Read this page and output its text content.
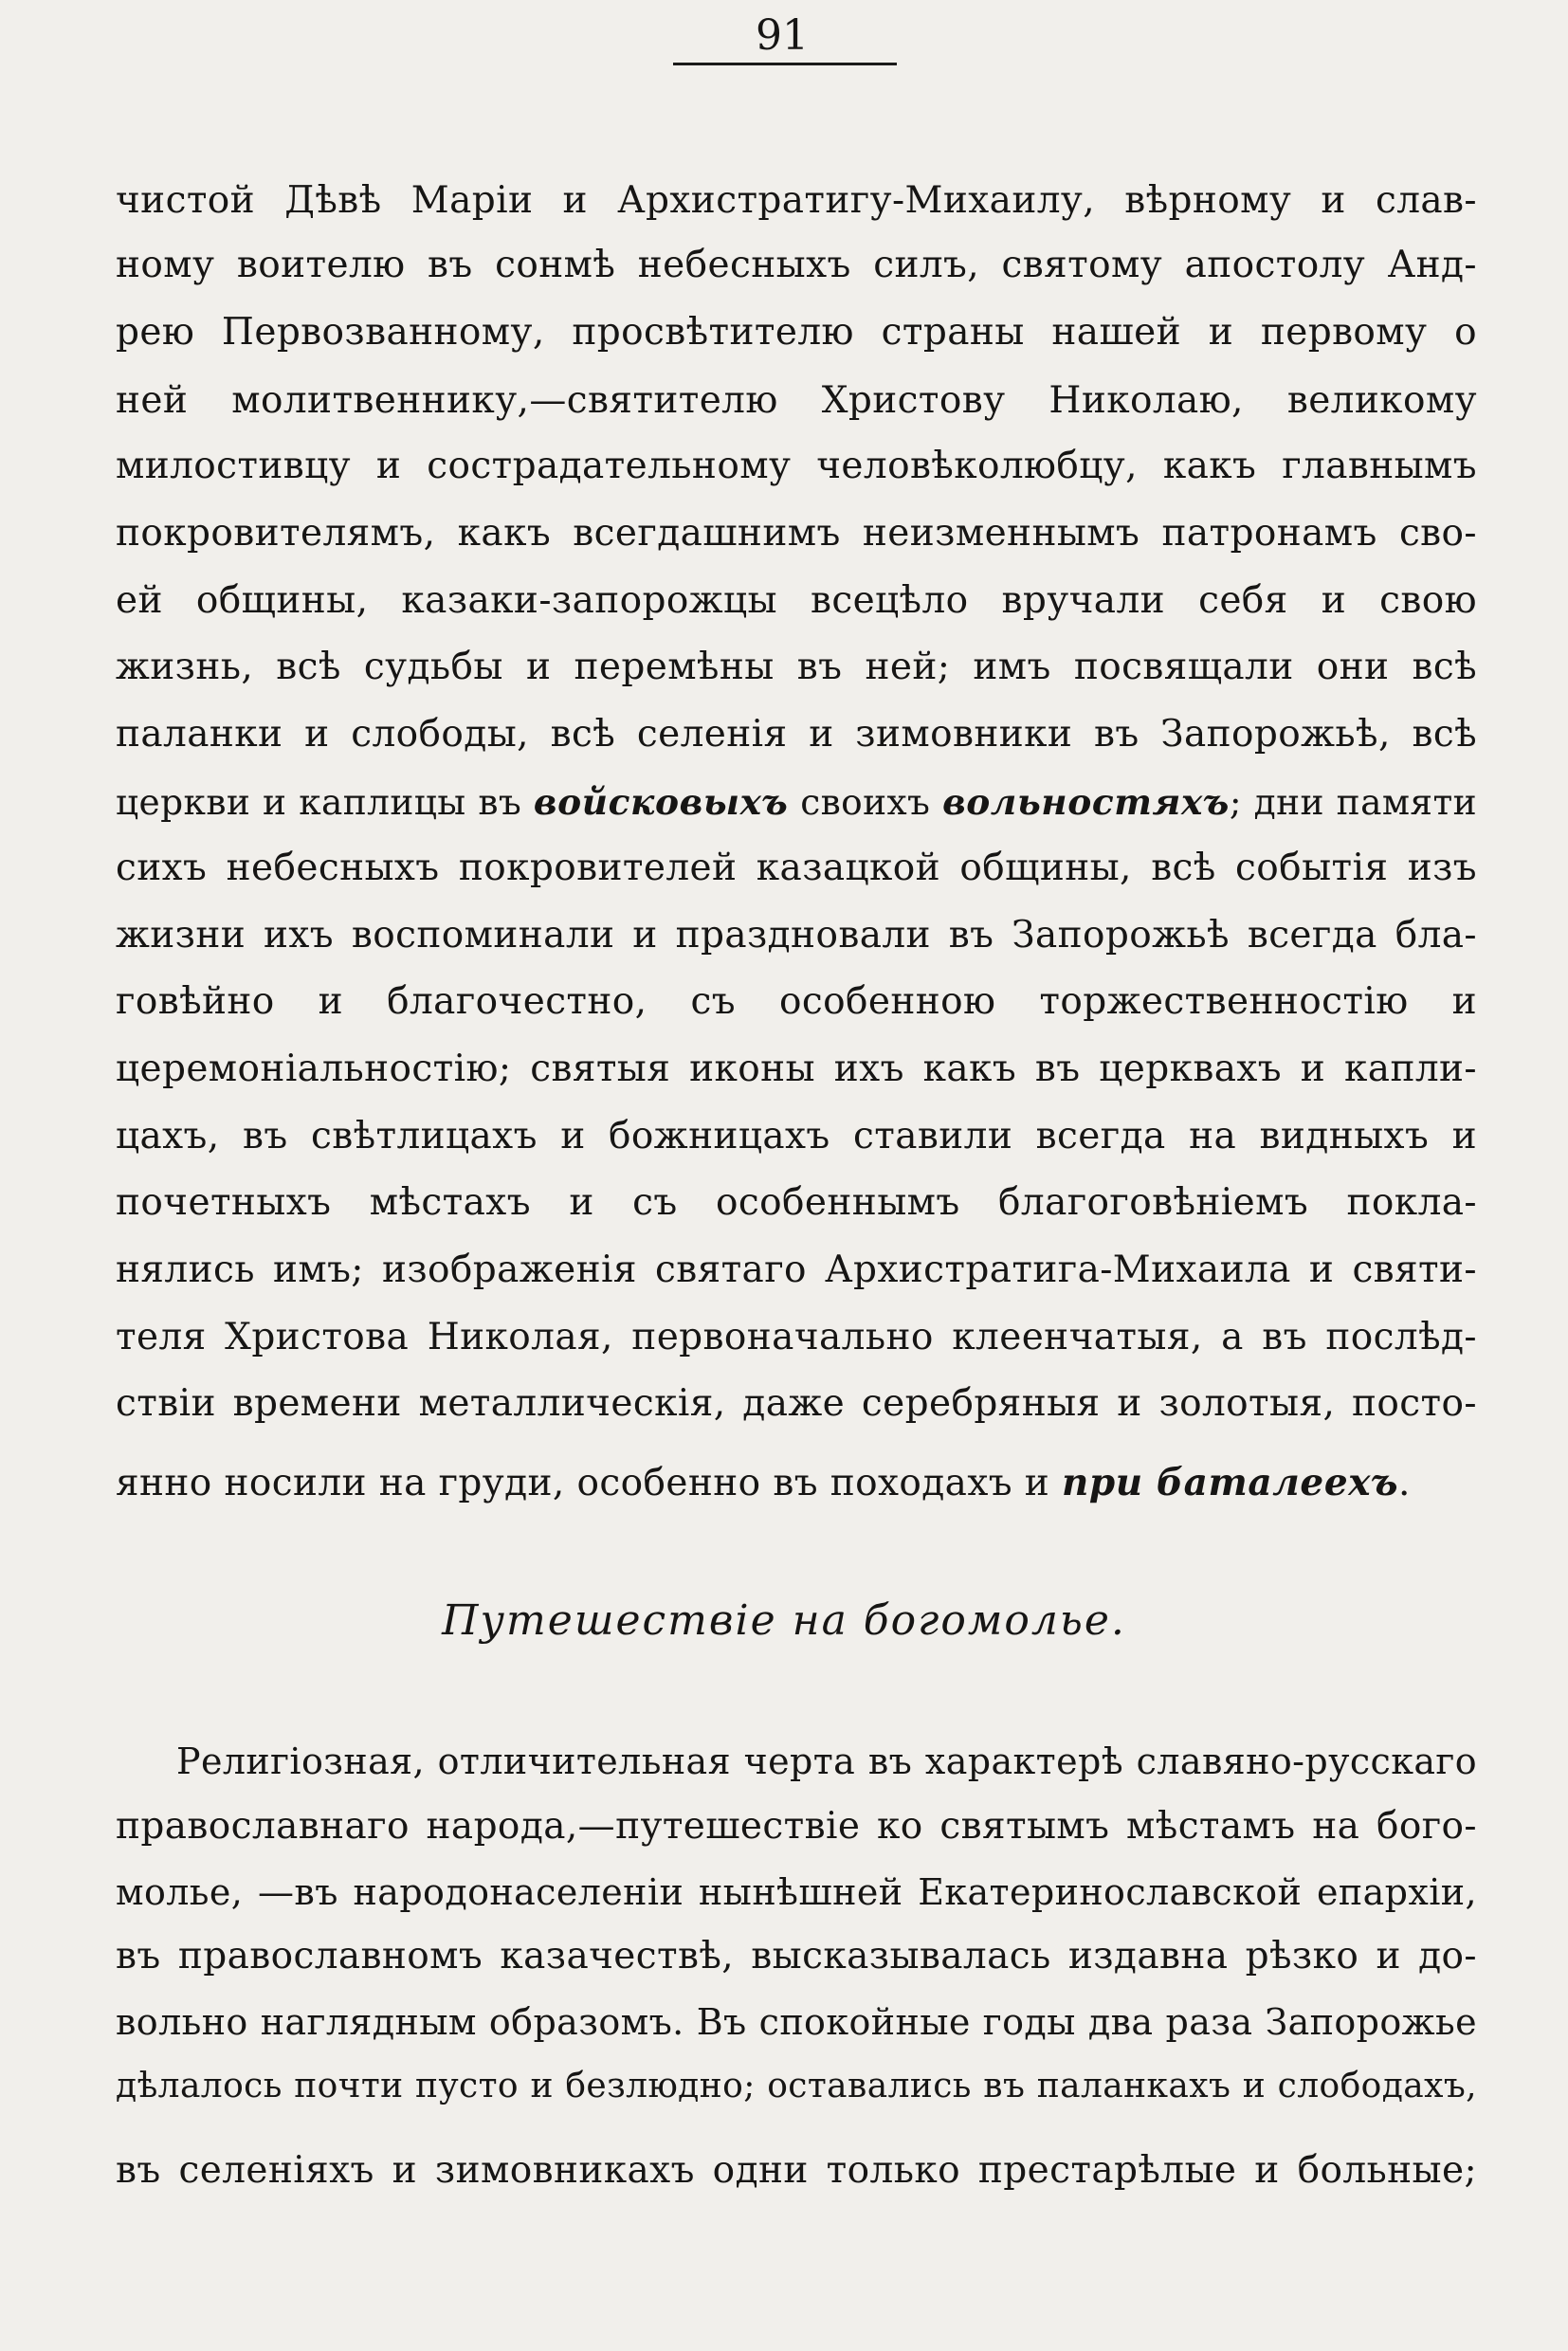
91
чистой Дѣвѣ Маріи и Архистратигу-Михаилу, вѣрному и слав-
ному воителю въ сонмѣ небесныхъ силъ, святому апостолу Анд-
рею Первозванному, просвѣтителю страны нашей и первому о
ней молитвеннику,—святителю Христову Николаю, великому
милостивцу и сострадательному человѣколюбцу, какъ главнымъ
покровителямъ, какъ всегдашнимъ неизменнымъ патронамъ сво-
ей общины, казаки-запорожцы всецѣло вручали себя и свою
жизнь, всѣ судьбы и перемѣны въ ней; имъ посвящали они всѣ
паланки и слободы, всѣ селенія и зимовники въ Запорожьѣ, всѣ
церкви и каплицы въ войсковыхъ своихъ вольностяхъ; дни памяти
сихъ небесныхъ покровителей казацкой общины, всѣ событія изъ
жизни ихъ воспоминали и праздновали въ Запорожьѣ всегда бла-
говѣйно и благочестно, съ особенною торжественностію и
церемоніальностію; святыя иконы ихъ какъ въ церквахъ и капли-
цахъ, въ свѣтлицахъ и божницахъ ставили всегда на видныхъ и
почетныхъ мѣстахъ и съ особеннымъ благоговѣніемъ покла-
нялись имъ; изображенія святаго Архистратига-Михаила и святи-
теля Христова Николая, первоначально клеенчатыя, а въ послѣд-
ствіи времени металлическія, даже серебряныя и золотыя, посто-
янно носили на груди, особенно въ походахъ и при баталеехъ.
Путешествіе на богомолье.
Религіозная, отличительная черта въ характерѣ славяно-русскаго
православнаго народа,—путешествіе ко святымъ мѣстамъ на бого-
молье, —въ народонаселеніи нынѣшней Екатеринославской епархіи,
въ православномъ казачествѣ, высказывалась издавна рѣзко и до-
вольно наглядным образомъ. Въ спокойные годы два раза Запорожье
дѣлалось почти пусто и безлюдно; оставались въ паланкахъ и слободахъ,
въ селеніяхъ и зимовникахъ одни только престарѣлые и больные;
